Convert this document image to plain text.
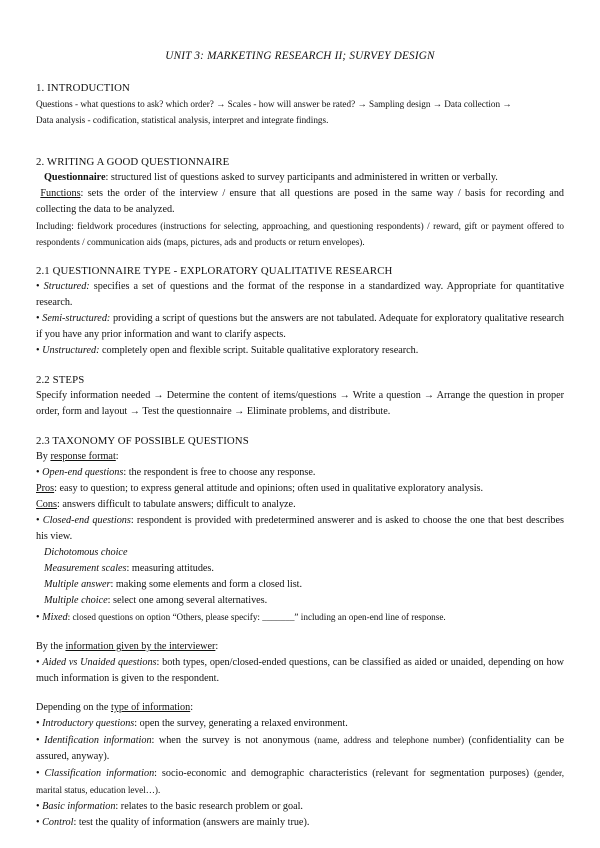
UNIT 3: MARKETING RESEARCH II; SURVEY DESIGN
1. INTRODUCTION

Questions - what questions to ask? which order? → Scales - how will answer be rated? → Sampling design → Data collection →

Data analysis - codification, statistical analysis, interpret and integrate findings.

2. WRITING A GOOD QUESTIONNAIRE

Questionnaire: structured list of questions asked to survey participants and administered in written or verbally.

Functions: sets the order of the interview / ensure that all questions are posed in the same way / basis for recording and collecting the data to be analyzed.

Including: fieldwork procedures (instructions for selecting, approaching, and questioning respondents) / reward, gift or payment offered to respondents / communication aids (maps, pictures, ads and products or return envelopes).

2.1 QUESTIONNAIRE TYPE - EXPLORATORY QUALITATIVE RESEARCH

• Structured: specifies a set of questions and the format of the response in a standardized way. Appropriate for quantitative research.

• Semi-structured: providing a script of questions but the answers are not tabulated. Adequate for exploratory qualitative research if you have any prior information and want to clarify aspects.

• Unstructured: completely open and flexible script. Suitable qualitative exploratory research.

2.2 STEPS

Specify information needed → Determine the content of items/questions → Write a question → Arrange the question in proper order, form and layout → Test the questionnaire → Eliminate problems, and distribute.

2.3 TAXONOMY OF POSSIBLE QUESTIONS

By response format:

• Open-end questions: the respondent is free to choose any response.

Pros: easy to question; to express general attitude and opinions; often used in qualitative exploratory analysis.

Cons: answers difficult to tabulate answers; difficult to analyze.

• Closed-end questions: respondent is provided with predetermined answerer and is asked to choose the one that best describes his view.

Dichotomous choice

Measurement scales: measuring attitudes.

Multiple answer: making some elements and form a closed list.

Multiple choice: select one among several alternatives.

• Mixed: closed questions on option “Others, please specify: _______” including an open-end line of response.

By the information given by the interviewer:

• Aided vs Unaided questions: both types, open/closed-ended questions, can be classified as aided or unaided, depending on how much information is given to the respondent.

Depending on the type of information:

• Introductory questions: open the survey, generating a relaxed environment.

• Identification information: when the survey is not anonymous (name, address and telephone number) (confidentiality can be assured, anyway).

• Classification information: socio-economic and demographic characteristics (relevant for segmentation purposes) (gender, marital status, education level…).

• Basic information: relates to the basic research problem or goal.

• Control: test the quality of information (answers are mainly true).
